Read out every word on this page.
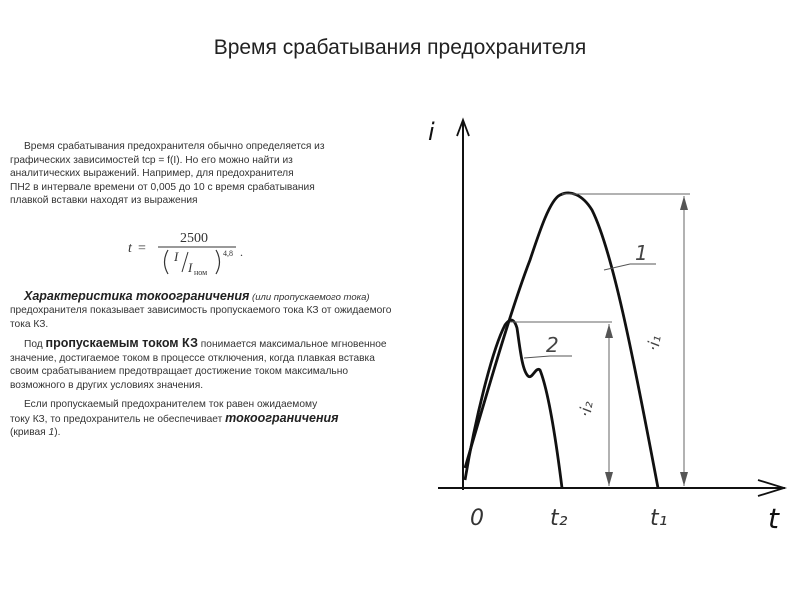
Время срабатывания предохранителя

Время срабатывания предохранителя обычно определяется из
графических зависимостей tср = f(I). Но его можно найти из
аналитических выражений. Например, для предохранителя
ПН2 в интервале времени от 0,005 до 10 с время срабатывания
плавкой вставки находят из выражения

t =
2500
I
I ном
4,8 .

Характеристика токоограничения (или пропускаемого тока) предохранителя показывает зависимость пропускаемого тока КЗ от ожидаемого тока КЗ.

Под пропускаемым током КЗ понимается максимальное мгновенное значение, достигаемое током в процессе отключения, когда плавкая вставка своим срабатыванием предотвращает достижение током максимально возможного в других условиях значения.

Если пропускаемый предохранителем ток равен ожидаемому
току КЗ, то предохранитель не обеспечивает токоограничения
(кривая 1).

i
t
0	t₂	t₁
1
2	·i₁
·i₂
